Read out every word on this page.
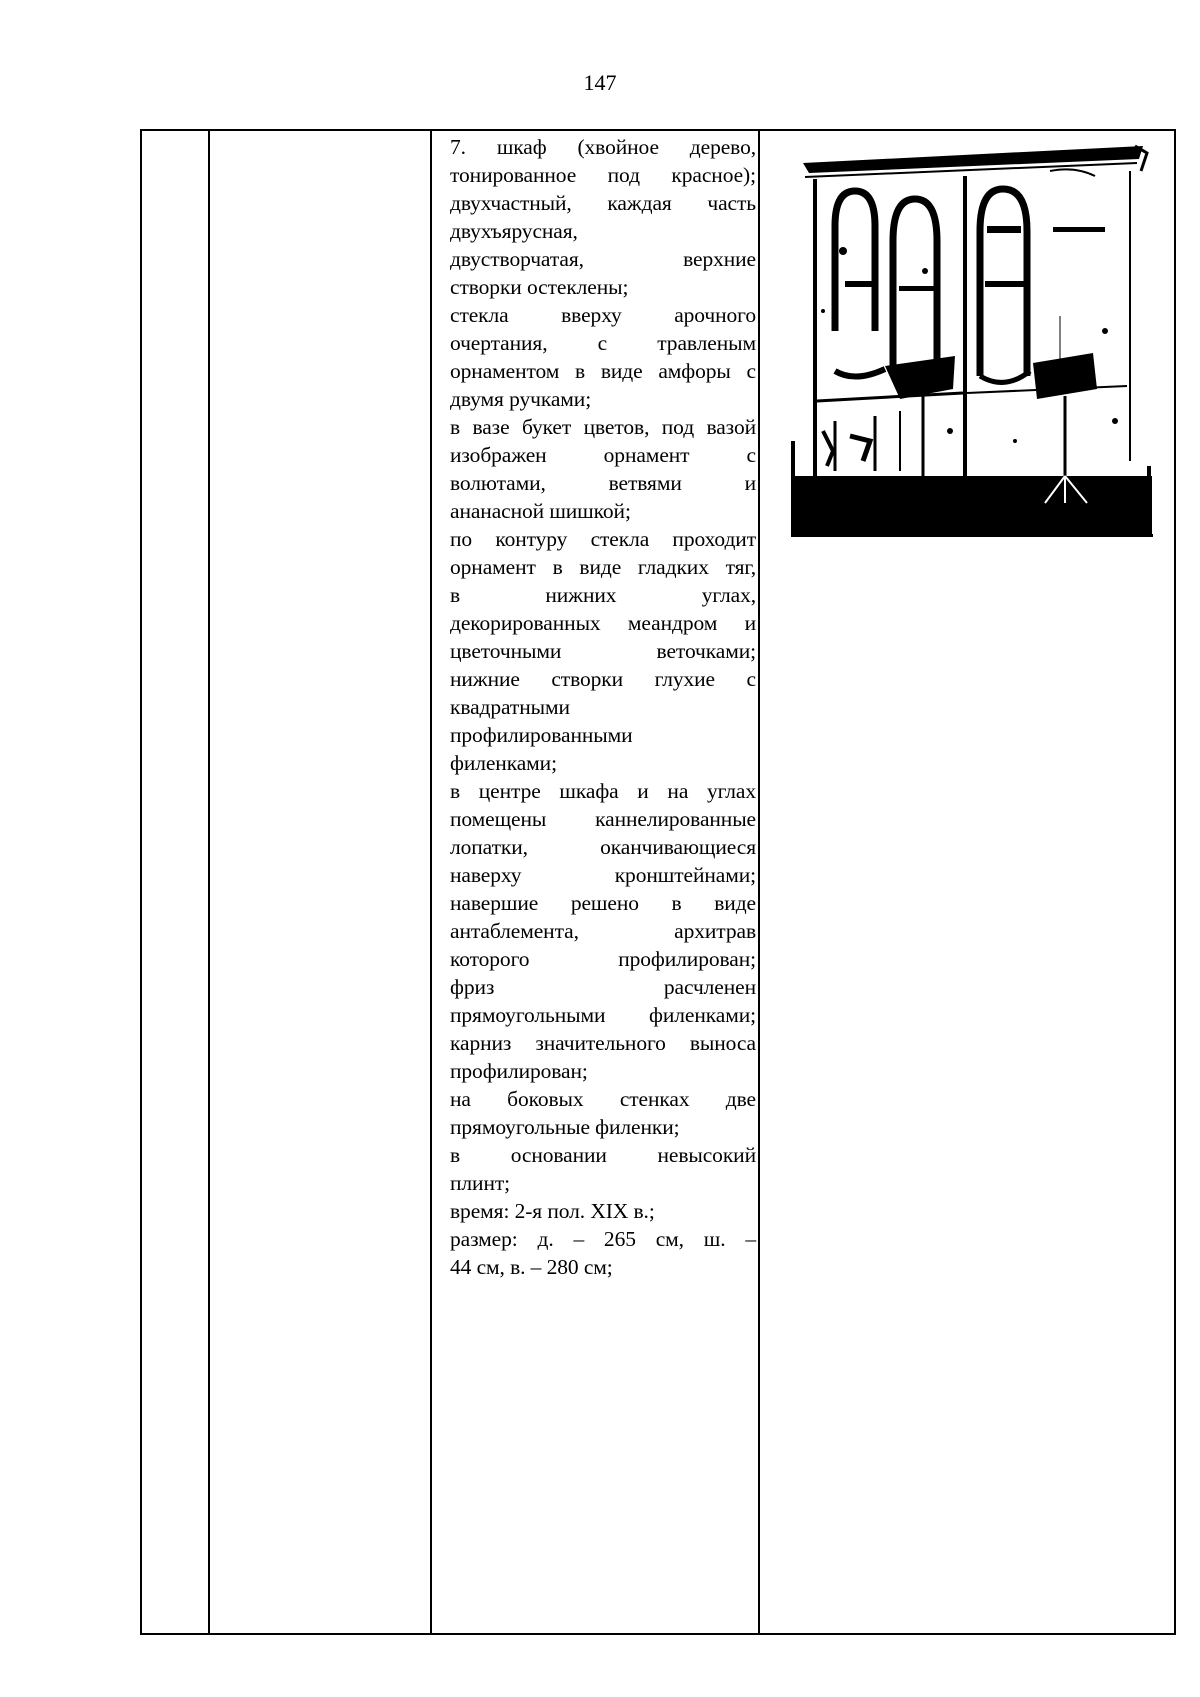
147
7. шкаф (хвойное дерево,
тонированное под красное);
двухчастный, каждая часть
двухъярусная,
двустворчатая, верхние
створки остеклены;
стекла вверху арочного
очертания, с травленым
орнаментом в виде амфоры с
двумя ручками;
в вазе букет цветов, под вазой
изображен орнамент с
волютами, ветвями и
ананасной шишкой;
по контуру стекла проходит
орнамент в виде гладких тяг,
в нижних углах,
декорированных меандром и
цветочными веточками;
нижние створки глухие с
квадратными
профилированными
филенками;
в центре шкафа и на углах
помещены каннелированные
лопатки, оканчивающиеся
наверху кронштейнами;
навершие решено в виде
антаблемента, архитрав
которого профилирован;
фриз расчленен
прямоугольными филенками;
карниз значительного выноса
профилирован;
на боковых стенках две
прямоугольные филенки;
в основании невысокий
плинт;
время: 2-я пол. XIX в.;
размер: д. – 265 см, ш. –
44 см, в. – 280 см;
